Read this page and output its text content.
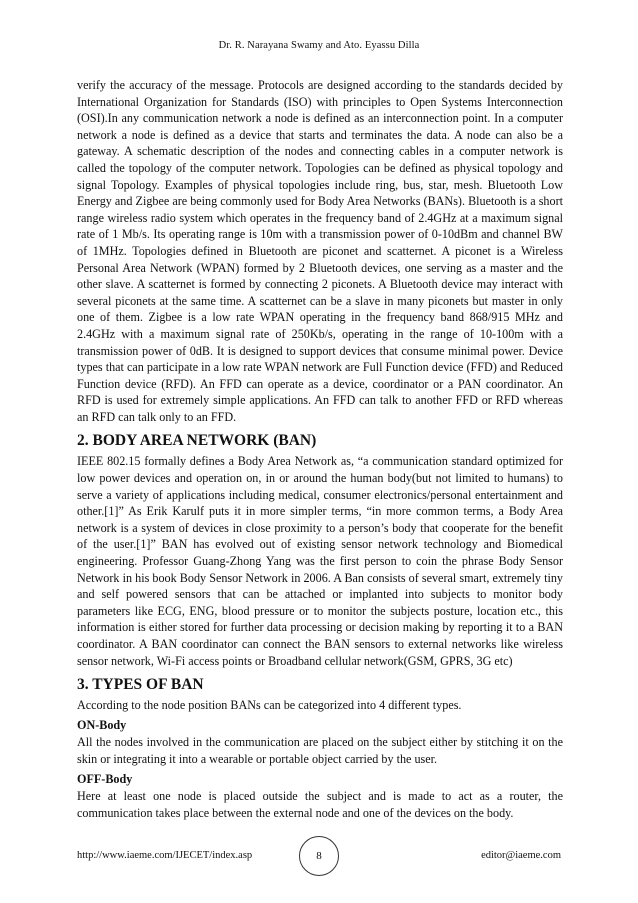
Dr. R. Narayana Swamy and Ato. Eyassu Dilla

verify the accuracy of the message. Protocols are designed according to the standards decided by International Organization for Standards (ISO) with principles to Open Systems Interconnection (OSI).In any communication network a node is defined as an interconnection point. In a computer network a node is defined as a device that starts and terminates the data. A node can also be a gateway. A schematic description of the nodes and connecting cables in a computer network is called the topology of the computer network. Topologies can be defined as physical topology and signal Topology. Examples of physical topologies include ring, bus, star, mesh. Bluetooth Low Energy and Zigbee are being commonly used for Body Area Networks (BANs). Bluetooth is a short range wireless radio system which operates in the frequency band of 2.4GHz at a maximum signal rate of 1 Mb/s. Its operating range is 10m with a transmission power of 0-10dBm and channel BW of 1MHz. Topologies defined in Bluetooth are piconet and scatternet. A piconet is a Wireless Personal Area Network (WPAN) formed by 2 Bluetooth devices, one serving as a master and the other slave. A scatternet is formed by connecting 2 piconets. A Bluetooth device may interact with several piconets at the same time. A scatternet can be a slave in many piconets but master in only one of them. Zigbee is a low rate WPAN operating in the frequency band 868/915 MHz and 2.4GHz with a maximum signal rate of 250Kb/s, operating in the range of 10-100m with a transmission power of 0dB. It is designed to support devices that consume minimal power. Device types that can participate in a low rate WPAN network are Full Function device (FFD) and Reduced Function device (RFD). An FFD can operate as a device, coordinator or a PAN coordinator. An RFD is used for extremely simple applications. An FFD can talk to another FFD or RFD whereas an RFD can talk only to an FFD.

2. BODY AREA NETWORK (BAN)

IEEE 802.15 formally defines a Body Area Network as, “a communication standard optimized for low power devices and operation on, in or around the human body(but not limited to humans) to serve a variety of applications including medical, consumer electronics/personal entertainment and other.[1]” As Erik Karulf puts it in more simpler terms, “in more common terms, a Body Area network is a system of devices in close proximity to a person’s body that cooperate for the benefit of the user.[1]” BAN has evolved out of existing sensor network technology and Biomedical engineering. Professor Guang-Zhong Yang was the first person to coin the phrase Body Sensor Network in his book Body Sensor Network in 2006. A Ban consists of several smart, extremely tiny and self powered sensors that can be attached or implanted into subjects to monitor body parameters like ECG, ENG, blood pressure or to monitor the subjects posture, location etc., this information is either stored for further data processing or decision making by reporting it to a BAN coordinator. A BAN coordinator can connect the BAN sensors to external networks like wireless sensor network, Wi-Fi access points or Broadband cellular network(GSM, GPRS, 3G etc)

3. TYPES OF BAN

According to the node position BANs can be categorized into 4 different types.

ON-Body

All the nodes involved in the communication are placed on the subject either by stitching it on the skin or integrating it into a wearable or portable object carried by the user.

OFF-Body

Here at least one node is placed outside the subject and is made to act as a router, the communication takes place between the external node and one of the devices on the body.

http://www.iaeme.com/IJECET/index.asp	8	editor@iaeme.com
